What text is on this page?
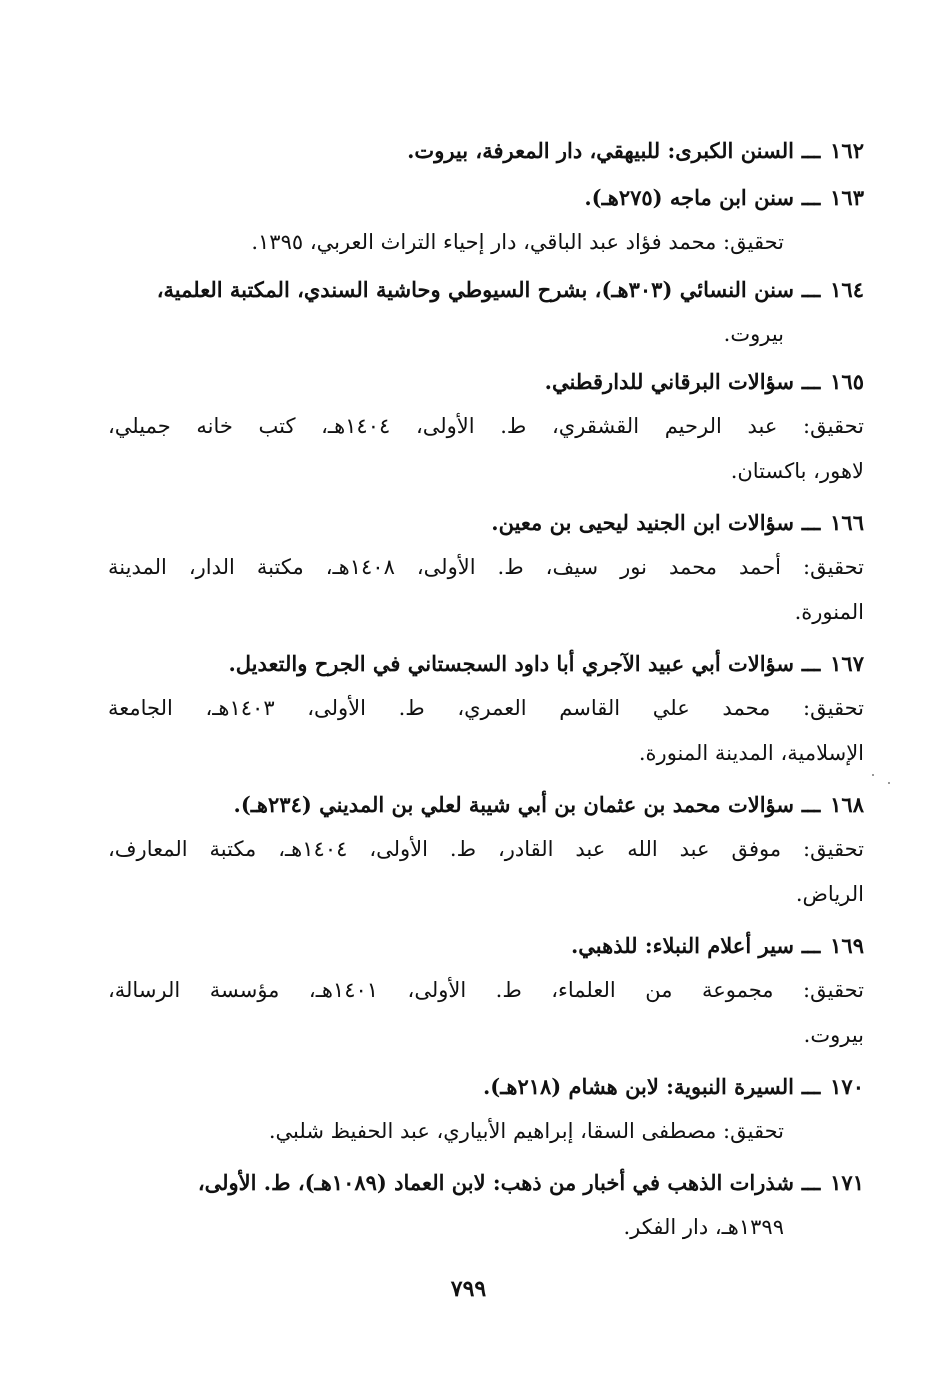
١٦٢ـــالسنن الكبرى: للبيهقي، دار المعرفة، بيروت.
١٦٣ـــسنن ابن ماجه (٢٧٥هـ).
تحقيق: محمد فؤاد عبد الباقي، دار إحياء التراث العربي، ١٣٩٥.
١٦٤ـــسنن النسائي (٣٠٣هـ)، بشرح السيوطي وحاشية السندي، المكتبة العلمية،
بيروت.
١٦٥ـــسؤالات البرقاني للدارقطني.
تحقيق: عبد الرحيم القشقري، ط. الأولى، ١٤٠٤هـ، كتب خانه جميلي،
لاهور، باكستان.
١٦٦ـــسؤالات ابن الجنيد ليحيى بن معين.
تحقيق: أحمد محمد نور سيف، ط. الأولى، ١٤٠٨هـ، مكتبة الدار، المدينة
المنورة.
١٦٧ـــسؤالات أبي عبيد الآجري أبا داود السجستاني في الجرح والتعديل.
تحقيق: محمد علي القاسم العمري، ط. الأولى، ١٤٠٣هـ، الجامعة
الإسلامية، المدينة المنورة.
١٦٨ـــسؤالات محمد بن عثمان بن أبي شيبة لعلي بن المديني (٢٣٤هـ).
تحقيق: موفق عبد الله عبد القادر، ط. الأولى، ١٤٠٤هـ، مكتبة المعارف،
الرياض.
١٦٩ـــسير أعلام النبلاء: للذهبي.
تحقيق: مجموعة من العلماء، ط. الأولى، ١٤٠١هـ، مؤسسة الرسالة،
بيروت.
١٧٠ـــالسيرة النبوية: لابن هشام (٢١٨هـ).
تحقيق: مصطفى السقا، إبراهيم الأبياري، عبد الحفيظ شلبي.
١٧١ـــشذرات الذهب في أخبار من ذهب: لابن العماد (١٠٨٩هـ)، ط. الأولى،
١٣٩٩هـ، دار الفكر.
٧٩٩
